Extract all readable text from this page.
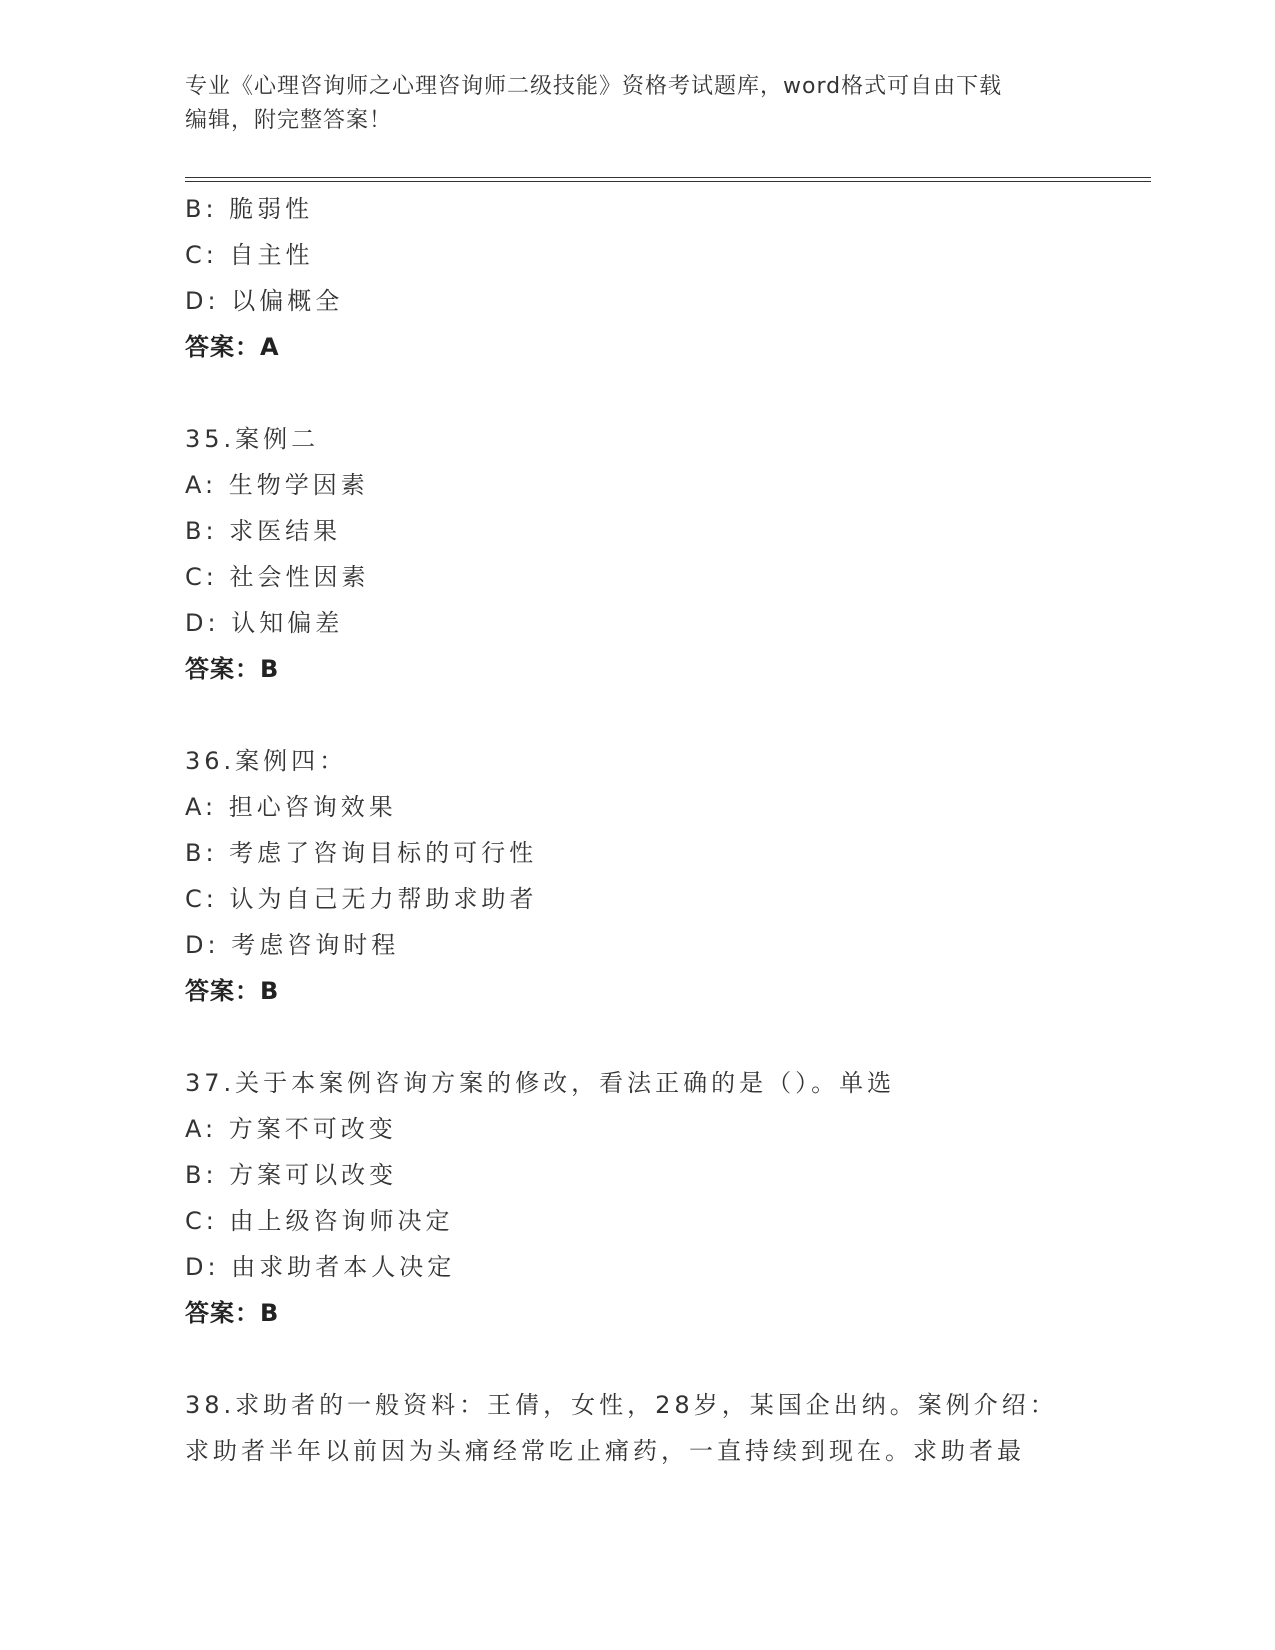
专业《心理咨询师之心理咨询师二级技能》资格考试题库，word格式可自由下载
编辑，附完整答案！
B: 脆弱性
C: 自主性
D: 以偏概全
答案：A
35.案例二
A: 生物学因素
B: 求医结果
C: 社会性因素
D: 认知偏差
答案：B
36.案例四：
A: 担心咨询效果
B: 考虑了咨询目标的可行性
C: 认为自己无力帮助求助者
D: 考虑咨询时程
答案：B
37.关于本案例咨询方案的修改，看法正确的是（）。单选
A: 方案不可改变
B: 方案可以改变
C: 由上级咨询师决定
D: 由求助者本人决定
答案：B
38.求助者的一般资料：王倩，女性，28岁，某国企出纳。案例介绍：
求助者半年以前因为头痛经常吃止痛药，一直持续到现在。求助者最
